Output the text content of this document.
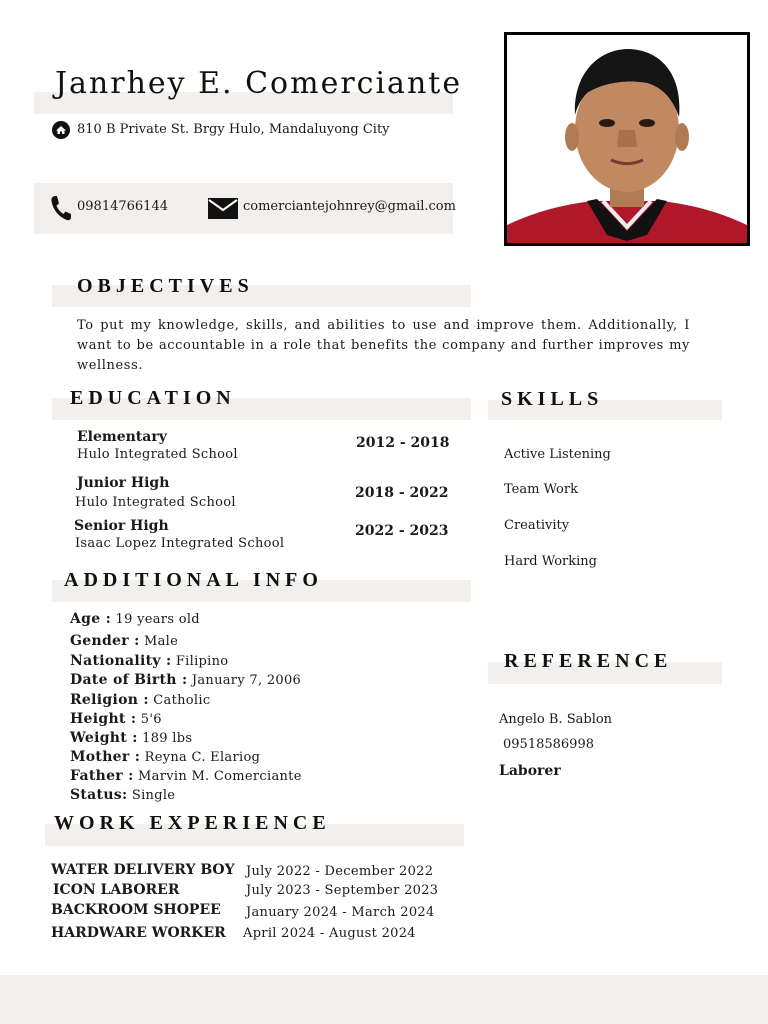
Janrhey E. Comerciante
810 B Private St. Brgy Hulo, Mandaluyong City
09814766144	comerciantejohnrey@gmail.com
OBJECTIVES
To put my knowledge, skills, and abilities to use and improve them. Additionally, I want to be accountable in a role that benefits the company and further improves my wellness.
EDUCATION
Elementary
Hulo Integrated School
2012 - 2018
Junior High
Hulo Integrated School
2018 - 2022
Senior High
Isaac Lopez Integrated School
2022 - 2023
SKILLS
Active Listening
Team Work
Creativity
Hard Working
ADDITIONAL INFO
Age : 19 years old
Gender : Male
Nationality : Filipino
Date of Birth : January 7, 2006
Religion : Catholic
Height : 5'6
Weight : 189 lbs
Mother : Reyna C. Elariog
Father : Marvin M. Comerciante
Status: Single
REFERENCE
Angelo B. Sablon
09518586998
Laborer
WORK EXPERIENCE
WATER DELIVERY BOY July 2022 - December 2022
ICON LABORER	July 2023 - September 2023
BACKROOM SHOPEE January 2024 - March 2024
HARDWARE WORKER April 2024 - August 2024
